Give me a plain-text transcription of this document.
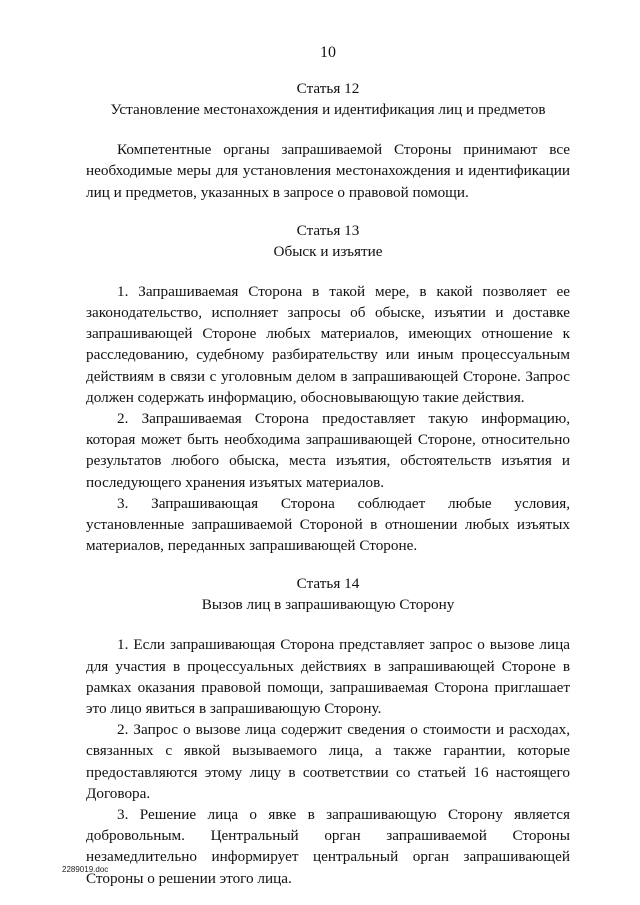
10
Статья 12
Установление местонахождения и идентификация лиц и предметов

Компетентные органы запрашиваемой Стороны принимают все необходимые меры для установления местонахождения и идентификации лиц и предметов, указанных в запросе о правовой помощи.

Статья 13
Обыск и изъятие

1. Запрашиваемая Сторона в такой мере, в какой позволяет ее законодательство, исполняет запросы об обыске, изъятии и доставке запрашивающей Стороне любых материалов, имеющих отношение к расследованию, судебному разбирательству или иным процессуальным действиям в связи с уголовным делом в запрашивающей Стороне. Запрос должен содержать информацию, обосновывающую такие действия.

2. Запрашиваемая Сторона предоставляет такую информацию, которая может быть необходима запрашивающей Стороне, относительно результатов любого обыска, места изъятия, обстоятельств изъятия и последующего хранения изъятых материалов.

3. Запрашивающая Сторона соблюдает любые условия, установленные запрашиваемой Стороной в отношении любых изъятых материалов, переданных запрашивающей Стороне.

Статья 14
Вызов лиц в запрашивающую Сторону

1. Если запрашивающая Сторона представляет запрос о вызове лица для участия в процессуальных действиях в запрашивающей Стороне в рамках оказания правовой помощи, запрашиваемая Сторона приглашает это лицо явиться в запрашивающую Сторону.

2. Запрос о вызове лица содержит сведения о стоимости и расходах, связанных с явкой вызываемого лица, а также гарантии, которые предоставляются этому лицу в соответствии со статьей 16 настоящего Договора.

3. Решение лица о явке в запрашивающую Сторону является добровольным. Центральный орган запрашиваемой Стороны незамедлительно информирует центральный орган запрашивающей Стороны о решении этого лица.

2289019.doc
